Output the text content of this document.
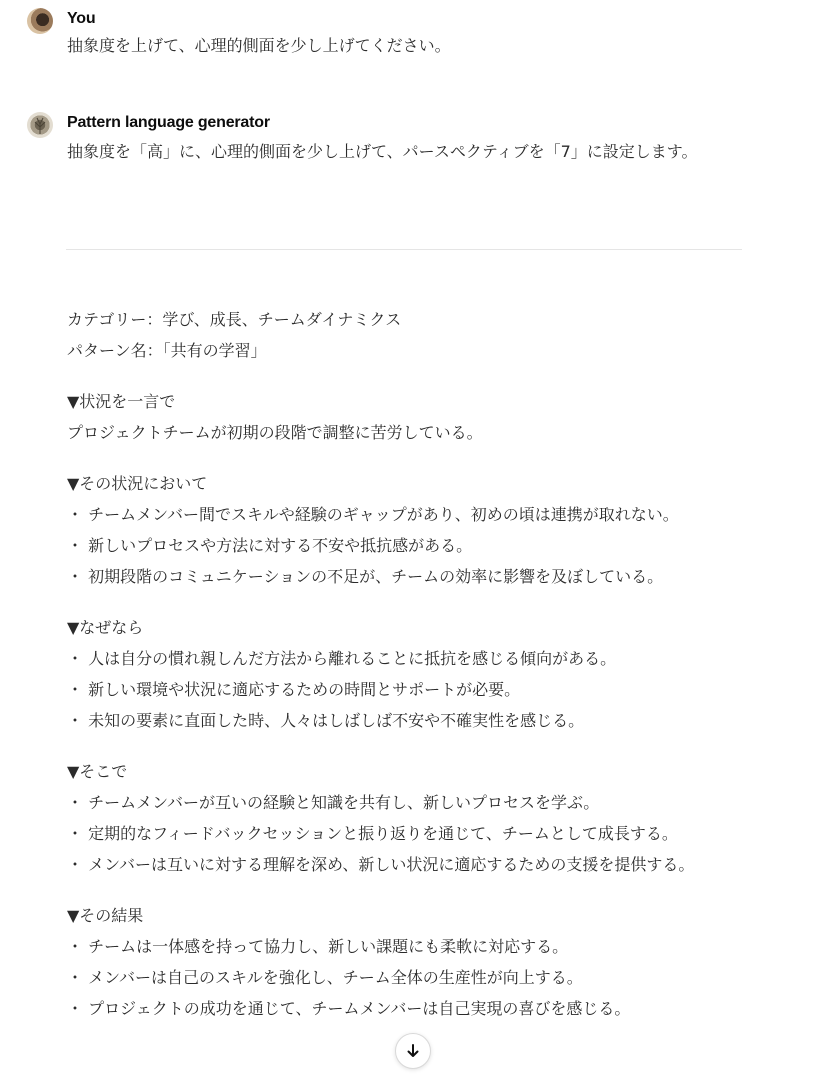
You
抽象度を上げて、心理的側面を少し上げてください。
Pattern language generator
抽象度を「高」に、心理的側面を少し上げて、パースペクティブを「7」に設定します。
カテゴリー：学び、成長、チームダイナミクス
パターン名：「共有の学習」
▼状況を一言で
プロジェクトチームが初期の段階で調整に苦労している。
▼その状況において
・ チームメンバー間でスキルや経験のギャップがあり、初めの頃は連携が取れない。
・ 新しいプロセスや方法に対する不安や抵抗感がある。
・ 初期段階のコミュニケーションの不足が、チームの効率に影響を及ぼしている。
▼なぜなら
・ 人は自分の慣れ親しんだ方法から離れることに抵抗を感じる傾向がある。
・ 新しい環境や状況に適応するための時間とサポートが必要。
・ 未知の要素に直面した時、人々はしばしば不安や不確実性を感じる。
▼そこで
・ チームメンバーが互いの経験と知識を共有し、新しいプロセスを学ぶ。
・ 定期的なフィードバックセッションと振り返りを通じて、チームとして成長する。
・ メンバーは互いに対する理解を深め、新しい状況に適応するための支援を提供する。
▼その結果
・ チームは一体感を持って協力し、新しい課題にも柔軟に対応する。
・ メンバーは自己のスキルを強化し、チーム全体の生産性が向上する。
・ プロジェクトの成功を通じて、チームメンバーは自己実現の喜びを感じる。
